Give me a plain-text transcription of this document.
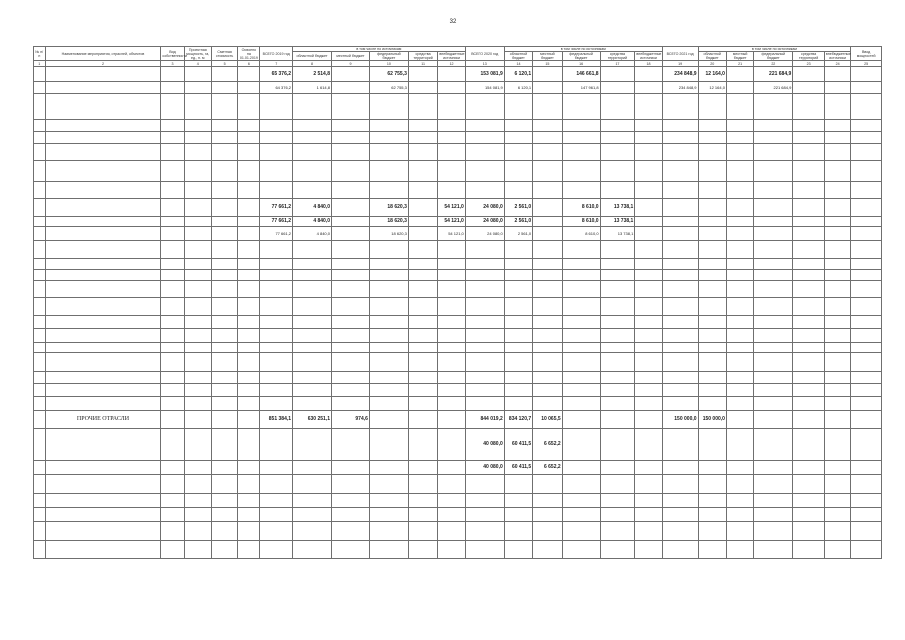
32
№ п/п	Наименование мероприятия, отраслей, объектов	Вид собственности	Проектная мощность, га, ед., п. м	Сметная стоимость	Освоено на 01.01.2019	ВСЕГО 2019 год	в том числе по источникам					ВСЕГО 2020 год	в том числе по источникам					ВСЕГО 2021 год	в том числе по источникам					Ввод мощностей
							областной бюджет	местный бюджет	федеральный бюджет	средства территорий	внебюджетные источники		областной бюджет	местный бюджет	федеральный бюджет	средства территорий	внебюджетные источники		областной бюджет	местный бюджет	федеральный бюджет	средства территорий	внебюджетные источники	
1	2	3	4	5	6	7	8	9	10	11	12	13	14	15	16	17	18	19	20	21	22	23	24	25
						65 376,2	2 514,8		62 755,3			153 081,9	6 120,1		146 661,8			234 848,9	12 164,0		221 684,9			
						64 376,2	1 614,8		62 755,3			154 081,9	6 120,1		147 961,8			234 848,9	12 164,0		221 684,9			

						77 661,2	4 840,0		18 620,3		54 121,0	24 080,0	2 561,0		8 610,0	13 738,1								
						77 661,2	4 840,0		18 620,3		54 121,0	24 080,0	2 561,0		8 610,0	13 738,1								
						77 661,2	4 840,0		18 620,3		54 121,0	24 080,0	2 561,0		8 610,0	13 738,1								

	ПРОЧИЕ ОТРАСЛИ					851 384,1	630 251,1	974,6				844 019,2	834 120,7	10 065,5				150 000,0	150 000,0					
												40 080,0	60 411,5	6 652,2										
												40 080,0	60 411,5	6 652,2										
